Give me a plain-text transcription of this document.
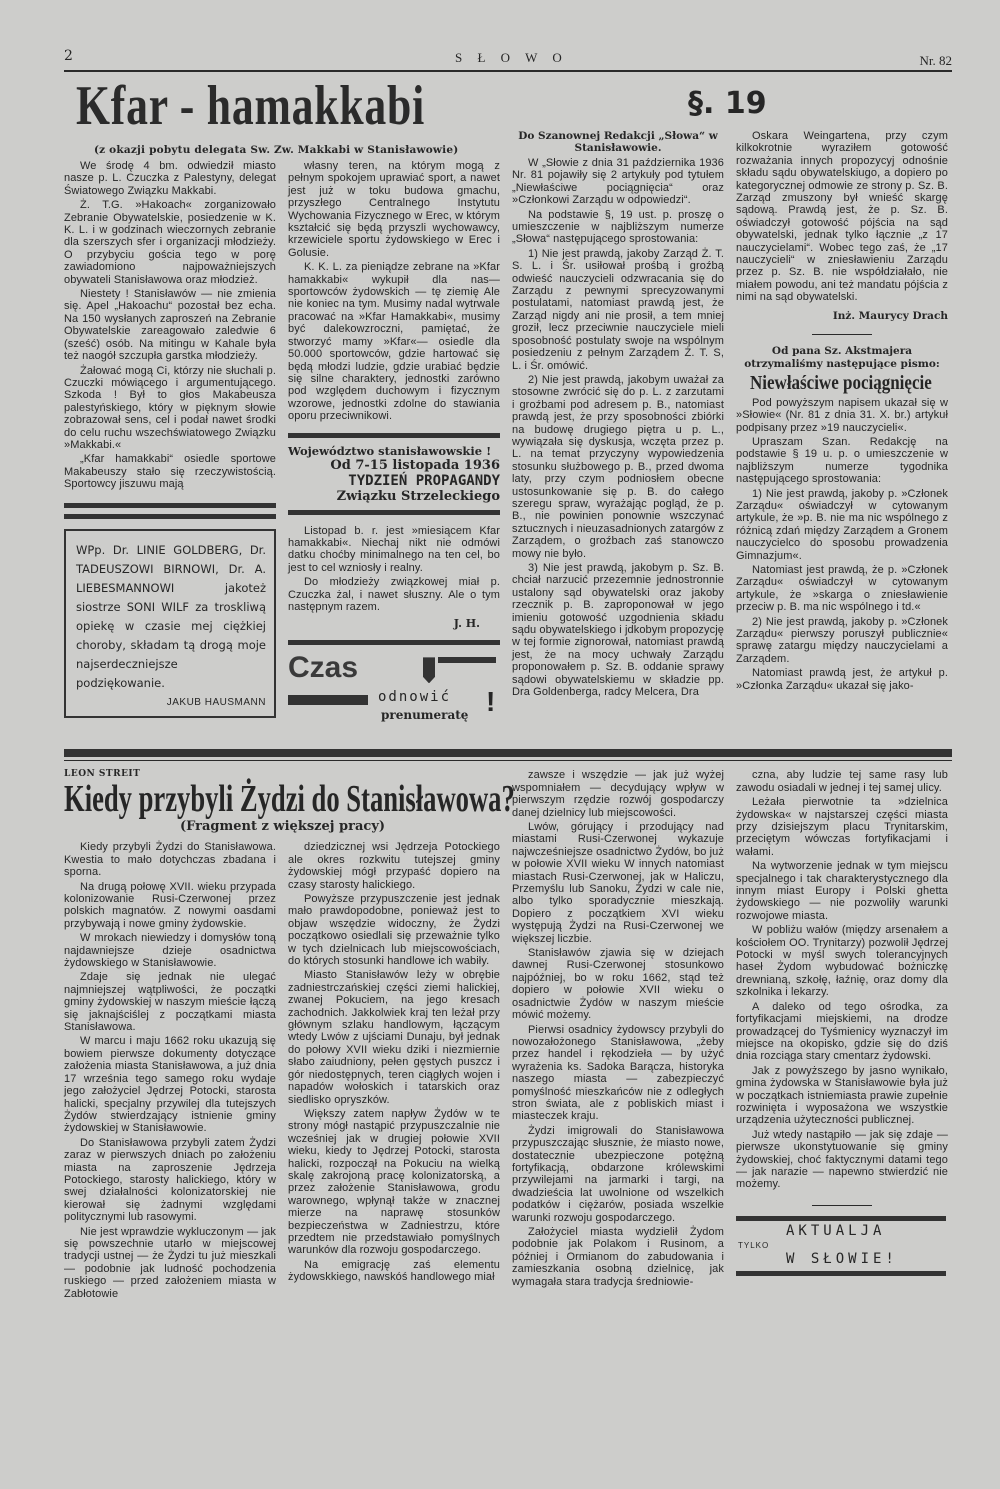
2	S Ł O W O	Nr. 82
Kfar - hamakkabi
(z okazji pobytu delegata Sw. Zw. Makkabi w Stanisławowie)

We środę 4 bm. odwiedził miasto nasze p. L. Czuczka z Palestyny, delegat Światowego Związku Makkabi.

Ż. T.G. »Hakoach« zorganizowało Zebranie Obywatelskie, posiedzenie w K. K. L. i w godzinach wieczornych zebranie dla szerszych sfer i organizacji młodzieży. O przybyciu gościa tego w porę zawiadomiono najpoważniejszych obywateli Stanisławowa oraz młodzież.

Niestety ! Stanisławów — nie zmienia się. Apel „Hakoachu“ pozostał bez echa. Na 150 wysłanych zaproszeń na Zebranie Obywatelskie zareagowało zaledwie 6 (sześć) osób. Na mitingu w Kahale była też naogół szczupła garstka młodzieży.

Żałować mogą Ci, którzy nie słuchali p. Czuczki mówiącego i argumentującego. Szkoda ! Był to głos Makabeusza palestyńskiego, który w pięknym słowie zobrazował sens, cel i podał nawet środki do celu ruchu wszechświatowego Związku »Makkabi.«

„Kfar hamakkabi“ osiedle sportowe Makabeuszy stało się rzeczywistością. Sportowcy jiszuwu mają

WPp. Dr. LINIE GOLDBERG, Dr. TADEUSZOWI BIRNOWI, Dr. A. LIEBESMANNOWI jakoteż siostrze SONI WILF za troskliwą opiekę w czasie mej ciężkiej choroby, składam tą drogą moje najserdeczniejsze podziękowanie.
JAKUB HAUSMANN

własny teren, na którym mogą z pełnym spokojem uprawiać sport, a nawet jest już w toku budowa gmachu, przyszłego Centralnego Instytutu Wychowania Fizycznego w Erec, w którym kształcić się będą przyszli wychowawcy, krzewiciele sportu żydowskiego w Erec i Golusie.

K. K. L. za pieniądze zebrane na »Kfar hamakkabi« wykupił dla nas— sportowców żydowskich — tę ziemię Ale nie koniec na tym. Musimy nadal wytrwale pracować na »Kfar Hamakkabi«, musimy być dalekowzroczni, pamiętać, że stworzyć mamy »Kfar«— osiedle dla 50.000 sportowców, gdzie hartować się będą młodzi ludzie, gdzie urabiać będzie się silne charaktery, jednostki zarówno pod względem duchowym i fizycznym wzorowe, jednostki zdolne do stawiania oporu przeciwnikowi.

Województwo stanisławowskie !
Od 7-15 listopada 1936
TYDZIEŃ PROPAGANDY
Związku Strzeleckiego

Listopad b. r. jest »miesiącem Kfar hamakkabi«. Niechaj nikt nie odmówi datku choćby minimalnego na ten cel, bo jest to cel wzniosły i realny.

Do młodzieży związkowej miał p. Czuczka żal, i nawet słuszny. Ale o tym następnym razem.

J. H.
Czas
odnowić
prenumeratę !
§. 19
Do Szanownej Redakcji „Słowa“ w Stanisławowie.

W „Słowie z dnia 31 października 1936 Nr. 81 pojawiły się 2 artykuły pod tytułem „Niewłaściwe pociągnięcia“ oraz »Członkowi Zarządu w odpowiedzi“.

Na podstawie §, 19 ust. p. proszę o umieszczenie w najbliższym numerze „Słowa“ następującego sprostowania:

1) Nie jest prawdą, jakoby Zarząd Ż. T. S. L. i Śr. usiłował prośbą i groźbą odwieść nauczycieli odzwracania się do Zarządu z pewnymi sprecyzowanymi postulatami, natomiast prawdą jest, że Zarząd nigdy ani nie prosił, a tem mniej groził, lecz przeciwnie nauczyciele mieli sposobność postulaty swoje na wspólnym posiedzeniu z pełnym Zarządem Ż. T. S, L. i Śr. omówić.

2) Nie jest prawdą, jakobym uważał za stosowne zwrócić się do p. L. z zarzutami i groźbami pod adresem p. B., natomiast prawdą jest, że przy sposobności zbiórki na budowę drugiego piętra u p. L., wywiązała się dyskusja, wczęta przez p. L. na temat przyczyny wypowiedzenia stosunku służbowego p. B., przed dwoma laty, przy czym podniosłem obecne ustosunkowanie się p. B. do całego szeregu spraw, wyrażając pogląd, że p. B., nie powinien ponownie wszczynać sztucznych i nieuzasadnionych zatargów z Zarządem, o groźbach zaś stanowczo mowy nie było.

3) Nie jest prawdą, jakobym p. Sz. B. chciał narzucić przezemnie jednostronnie ustalony sąd obywatelski oraz jakoby rzecznik p. B. zaproponował w jego imieniu gotowość uzgodnienia składu sądu obywatelskiego i jdkobym propozycję w tej formie zignorował, natomiast prawdą jest, że na mocy uchwały Zarządu proponowałem p. Sz. B. oddanie sprawy sądowi obywatelskiemu w składzie pp. Dra Goldenberga, radcy Melcera, Dra

Oskara Weingartena, przy czym kilkokrotnie wyraziłem gotowość rozważania innych propozycyj odnośnie składu sądu obywatelskiugo, a dopiero po kategorycznej odmowie ze strony p. Sz. B. Zarząd zmuszony był wnieść skargę sądową. Prawdą jest, że p. Sz. B. oświadczył gotowość pójścia na sąd obywatelski, jednak tylko łącznie „z 17 nauczycielami“. Wobec tego zaś, że „17 nauczycieli“ w zniesławieniu Zarządu przez p. Sz. B. nie współdziałało, nie miałem powodu, ani też mandatu pójścia z nimi na sąd obywatelski.

Inż. Maurycy Drach
Od pana Sz. Akstmajera otrzymaliśmy następujące pismo:
Niewłaściwe pociągnięcie

Pod powyższym napisem ukazał się w »Słowie« (Nr. 81 z dnia 31. X. br.) artykuł podpisany przez »19 nauczycieli«.

Upraszam Szan. Redakcję na podstawie § 19 u. p. o umieszczenie w najbliższym numerze tygodnika następującego sprostowania:

1) Nie jest prawdą, jakoby p. »Członek Zarządu« oświadczył w cytowanym artykule, że »p. B. nie ma nic wspólnego z różnicą zdań między Zarządem a Gronem nauczycielco do sposobu prowadzenia Gimnazjum«.

Natomiast jest prawdą, że p. »Członek Zarządu« oświadczył w cytowanym artykule, że »skarga o zniesławienie przeciw p. B. ma nic wspólnego i td.«

2) Nie jest prawdą, jakoby p. »Członek Zarządu« pierwszy poruszył publicznie« sprawę zatargu między nauczycielami a Zarządem.

Natomiast prawdą jest, że artykuł p. »Członka Zarządu« ukazał się jako-

LEON STREIT
Kiedy przybyli Żydzi do Stanisławowa?
(Fragment z większej pracy)

Kiedy przybyli Żydzi do Stanisławowa. Kwestia to mało dotychczas zbadana i sporna.

Na drugą połowę XVII. wieku przypada kolonizowanie Rusi-Czerwonej przez polskich magnatów. Z nowymi oasdami przybywają i nowe gminy żydowskie.

W mrokach niewiedzy i domysłów toną najdawniejsze dzieje osadnictwa żydowskiego w Stanisławowie.

Zdaje się jednak nie ulegać najmniejszej wątpliwości, że początki gminy żydowskiej w naszym mieście łączą się jaknajściślej z początkami miasta Stanisławowa.

W marcu i maju 1662 roku ukazują się bowiem pierwsze dokumenty dotyczące założenia miasta Stanisławowa, a już dnia 17 września tego samego roku wydaje jego założyciel Jędrzej Potocki, starosta halicki, specjalny przywilej dla tutejszych Żydów stwierdzający istnienie gminy żydowskiej w Stanisławowie.

Do Stanisławowa przybyli zatem Żydzi zaraz w pierwszych dniach po założeniu miasta na zaproszenie Jędrzeja Potockiego, starosty halickiego, który w swej działalności kolonizatorskiej nie kierował się żadnymi względami politycznymi lub rasowymi.

Nie jest wprawdzie wykluczonym — jak się powszechnie utarło w miejscowej tradycji ustnej — że Żydzi tu już mieszkali — podobnie jak ludność pochodzenia ruskiego — przed założeniem miasta w Zabłotowie

dziedzicznej wsi Jędrzeja Potockiego ale okres rozkwitu tutejszej gminy żydowskiej mógł przypaść dopiero na czasy starosty halickiego.

Powyższe przypuszczenie jest jednak mało prawdopodobne, ponieważ jest to objaw wszędzie widoczny, że Żydzi początkowo osiedlali się przeważnie tylko w tych dzielnicach lub miejscowościach, do których stosunki handlowe ich wabiły.

Miasto Stanisławów leży w obrębie zadniestrczańskiej części ziemi halickiej, zwanej Pokuciem, na jego kresach zachodnich. Jakkolwiek kraj ten leżał przy głównym szlaku handlowym, łączącym wtedy Lwów z ujściami Dunaju, był jednak do połowy XVII wieku dziki i niezmiernie słabo zaiudniony, pełen gęstych puszcz i gór niedostępnych, teren ciągłych wojen i napadów wołoskich i tatarskich oraz siedlisko opryszków.

Większy zatem napływ Żydów w te strony mógł nastąpić przypuszczalnie nie wcześniej jak w drugiej połowie XVII wieku, kiedy to Jędrzej Potocki, starosta halicki, rozpoczął na Pokuciu na wielką skalę zakrojoną pracę kolonizatorską, a przez założenie Stanisławowa, grodu warownego, wpłynął także w znacznej mierze na naprawę stosunków bezpieczeństwa w Zadniestrzu, które przedtem nie przedstawiało pomyślnych warunków dla rozwoju gospodarczego.

Na emigrację zaś elementu żydowskkiego, nawskóś handlowego miał

zawsze i wszędzie — jak już wyżej wspomniałem — decydujący wpływ w pierwszym rzędzie rozwój gospodarczy danej dzielnicy lub miejscowości.

Lwów, górujący i przodujący nad miastami Rusi-Czerwonej wykazuje najwcześniejsze osadnictwo Żydów, bo już w połowie XVII wieku W innych natomiast miastach Rusi-Czerwonej, jak w Haliczu, Przemyślu lub Sanoku, Żydzi w cale nie, albo tylko sporadycznie mieszkają. Dopiero z początkiem XVI wieku występują Żydzi na Rusi-Czerwonej we większej liczbie.

Stanisławów zjawia się w dziejach dawnej Rusi-Czerwonej stosunkowo najpóźniej, bo w roku 1662, stąd też dopiero w połowie XVII wieku o osadnictwie Żydów w naszym mieście mówić możemy.

Pierwsi osadnicy żydowscy przybyli do nowozałożonego Stanisławowa, „żeby przez handel i rękodzieła — by użyć wyrażenia ks. Sadoka Barącza, historyka naszego miasta — zabezpieczyć pomyślność mieszkańców nie z odległych stron świata, ale z pobliskich miast i miasteczek kraju.

Żydzi imigrowali do Stanisławowa przypuszczając słusznie, że miasto nowe, dostatecznie ubezpieczone potężną fortyfikacją, obdarzone królewskimi przywilejami na jarmarki i targi, na dwadzieścia lat uwolnione od wszelkich podatków i ciężarów, posiada wszelkie warunki rozwoju gospodarczego.

Założyciel miasta wydzielił Żydom podobnie jak Polakom i Rusinom, a później i Ormianom do zabudowania i zamieszkania osobną dzielnicę, jak wymagała stara tradycja średniowie-

czna, aby ludzie tej same rasy lub zawodu osiadali w jednej i tej samej ulicy.

Leżała pierwotnie ta »dzielnica żydowska« w najstarszej części miasta przy dzisiejszym placu Trynitarskim, przeciętym wówczas fortyfikacjami i wałami.

Na wytworzenie jednak w tym miejscu specjalnego i tak charakterystycznego dla innym miast Europy i Polski ghetta żydowskiego — nie pozwoliły warunki rozwojowe miasta.

W pobliżu wałów (między arsenałem a kościołem OO. Trynitarzy) pozwolił Jędrzej Potocki w myśl swych tolerancyjnych haseł Żydom wybudować bożniczkę drewnianą, szkołę, łaźnię, oraz domy dla szkolnika i lekarzy.

A daleko od tego ośrodka, za fortyfikacjami miejskiemi, na drodze prowadzącej do Tyśmienicy wyznaczył im miejsce na okopisko, gdzie się do dziś dnia rozciąga stary cmentarz żydowski.

Jak z powyższego by jasno wynikało, gmina żydowska w Stanisławowie była już w początkach istniemiasta prawie zupełnie rozwinięta i wyposażona we wszystkie urządzenia użyteczności publicznej.

Już wtedy nastąpiło — jak się zdaje — pierwsze ukonstytuowanie się gminy żydowskiej, choć faktycznymi datami tego — jak narazie — napewno stwierdzić nie możemy.

AKTUALJA
TYLKO
W SŁOWIE!
